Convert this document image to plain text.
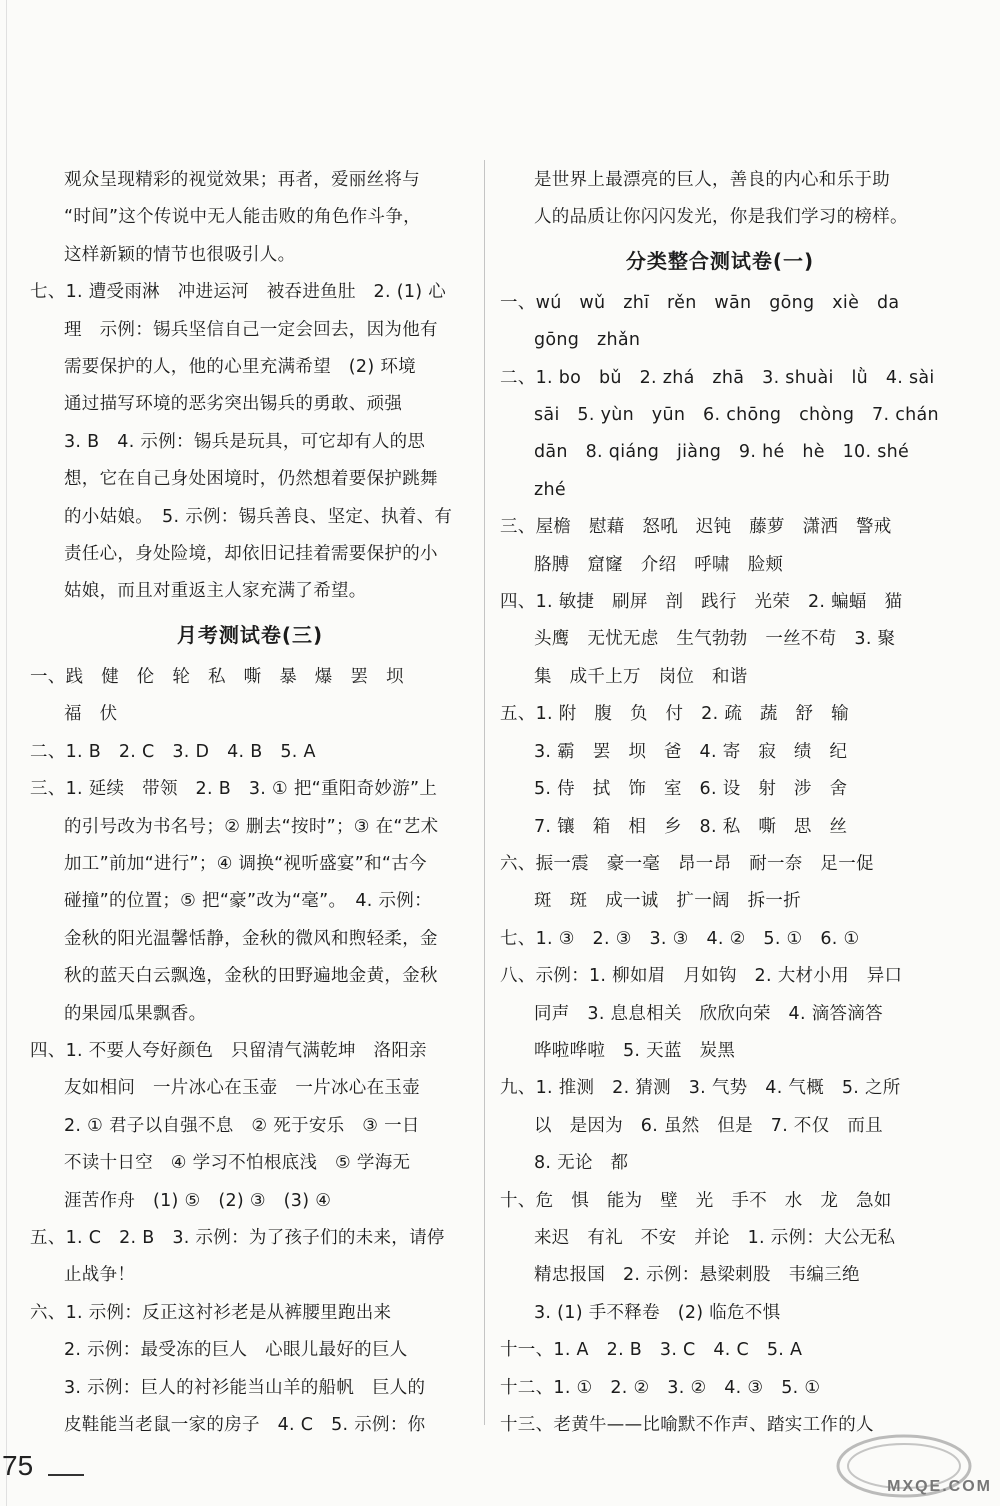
观众呈现精彩的视觉效果；再者，爱丽丝将与

“时间”这个传说中无人能击败的角色作斗争，

这样新颖的情节也很吸引人。

七、1. 遭受雨淋　冲进运河　被吞进鱼肚　2. (1) 心

理　示例：锡兵坚信自己一定会回去，因为他有

需要保护的人，他的心里充满希望　(2) 环境

通过描写环境的恶劣突出锡兵的勇敢、顽强

3. B　4. 示例：锡兵是玩具，可它却有人的思

想，它在自己身处困境时，仍然想着要保护跳舞

的小姑娘。　5. 示例：锡兵善良、坚定、执着、有

责任心，身处险境，却依旧记挂着需要保护的小

姑娘，而且对重返主人家充满了希望。

月考测试卷(三)

一、践　健　伦　轮　私　嘶　暴　爆　罢　坝

福　伏

二、1. B　2. C　3. D　4. B　5. A

三、1. 延续　带领　2. B　3. ① 把“重阳奇妙游”上

的引号改为书名号；② 删去“按时”；③ 在“艺术

加工”前加“进行”；④ 调换“视听盛宴”和“古今

碰撞”的位置；⑤ 把“豪”改为“毫”。　4. 示例：

金秋的阳光温馨恬静，金秋的微风和煦轻柔，金

秋的蓝天白云飘逸，金秋的田野遍地金黄，金秋

的果园瓜果飘香。

四、1. 不要人夸好颜色　只留清气满乾坤　洛阳亲

友如相问　一片冰心在玉壶　一片冰心在玉壶

2. ① 君子以自强不息　② 死于安乐　③ 一日

不读十日空　④ 学习不怕根底浅　⑤ 学海无

涯苦作舟　(1) ⑤　(2) ③　(3) ④

五、1. C　2. B　3. 示例：为了孩子们的未来，请停

止战争！

六、1. 示例：反正这衬衫老是从裤腰里跑出来

2. 示例：最受冻的巨人　心眼儿最好的巨人

3. 示例：巨人的衬衫能当山羊的船帆　巨人的

皮鞋能当老鼠一家的房子　4. C　5. 示例：你

是世界上最漂亮的巨人，善良的内心和乐于助

人的品质让你闪闪发光，你是我们学习的榜样。

分类整合测试卷(一)

一、wú　wǔ　zhī　rěn　wān　gōng　xiè　da

gōng　zhǎn

二、1. bo　bǔ　2. zhá　zhā　3. shuài　lǜ　4. sài

sāi　5. yùn　yūn　6. chōng　chòng　7. chán

dān　8. qiáng　jiàng　9. hé　hè　10. shé

zhé

三、屋檐　慰藉　怒吼　迟钝　藤萝　潇洒　警戒

胳膊　窟窿　介绍　呼啸　脸颊

四、1. 敏捷　刷屏　剖　践行　光荣　2. 蝙蝠　猫

头鹰　无忧无虑　生气勃勃　一丝不苟　3. 聚

集　成千上万　岗位　和谐

五、1. 附　腹　负　付　2. 疏　蔬　舒　输

3. 霸　罢　坝　爸　4. 寄　寂　绩　纪

5. 侍　拭　饰　室　6. 设　射　涉　舍

7. 镶　箱　相　乡　8. 私　嘶　思　丝

六、振一震　豪一毫　昂一昂　耐一奈　足一促

斑　斑　成一诚　扩一阔　拆一折

七、1. ③　2. ③　3. ③　4. ②　5. ①　6. ①

八、示例：1. 柳如眉　月如钩　2. 大材小用　异口

同声　3. 息息相关　欣欣向荣　4. 滴答滴答

哗啦哗啦　5. 天蓝　炭黑

九、1. 推测　2. 猜测　3. 气势　4. 气概　5. 之所

以　是因为　6. 虽然　但是　7. 不仅　而且

8. 无论　都

十、危　惧　能为　壁　光　手不　水　龙　急如

来迟　有礼　不安　并论　1. 示例：大公无私

精忠报国　2. 示例：悬梁刺股　韦编三绝

3. (1) 手不释卷　(2) 临危不惧

十一、1. A　2. B　3. C　4. C　5. A

十二、1. ①　2. ②　3. ②　4. ③　5. ①

十三、老黄牛——比喻默不作声、踏实工作的人

75
MXQE.COM
